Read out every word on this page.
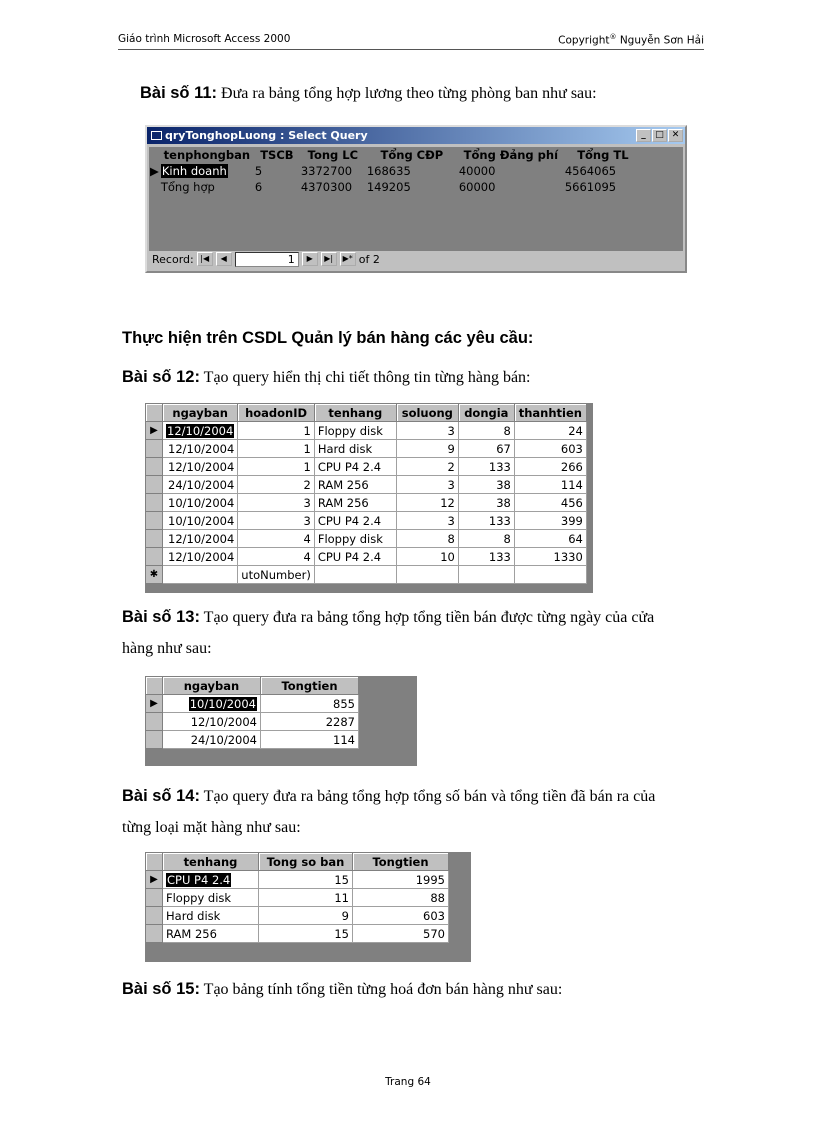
Giáo trình Microsoft Access 2000	Copyright® Nguyễn Sơn Hải
Bài số 11: Đưa ra bảng tổng hợp lương theo từng phòng ban như sau:
qryTonghopLuong : Select Query	_	□ ✕
	tenphongban	TSCB	Tong LC	Tổng CĐP	Tổng Đảng phí	Tổng TL
▶	Kinh doanh	5	3372700	168635	40000	4564065
	Tổng hợp	6	4370300	149205	60000	5661095
Record: |◀	◀	1	▶	▶|	▶* of 2
Thực hiện trên CSDL Quản lý bán hàng các yêu cầu:
Bài số 12: Tạo query hiển thị chi tiết thông tin từng hàng bán:
	ngayban	hoadonID	tenhang	soluong	dongia	thanhtien
▶	12/10/2004	1	Floppy disk	3	8	24
	12/10/2004	1	Hard disk	9	67	603
	12/10/2004	1	CPU P4 2.4	2	133	266
	24/10/2004	2	RAM 256	3	38	114
	10/10/2004	3	RAM 256	12	38	456
	10/10/2004	3	CPU P4 2.4	3	133	399
	12/10/2004	4	Floppy disk	8	8	64
	12/10/2004	4	CPU P4 2.4	10	133	1330
✱		utoNumber)				
Bài số 13: Tạo query đưa ra bảng tổng hợp tổng tiền bán được từng ngày của cửa
hàng như sau:
	ngayban	Tongtien
▶	10/10/2004	855
	12/10/2004	2287
	24/10/2004	114
Bài số 14: Tạo query đưa ra bảng tổng hợp tổng số bán và tổng tiền đã bán ra của
từng loại mặt hàng như sau:
	tenhang	Tong so ban	Tongtien
▶	CPU P4 2.4	15	1995
	Floppy disk	11	88
	Hard disk	9	603
	RAM 256	15	570
Bài số 15: Tạo bảng tính tổng tiền từng hoá đơn bán hàng như sau:
Trang 64
